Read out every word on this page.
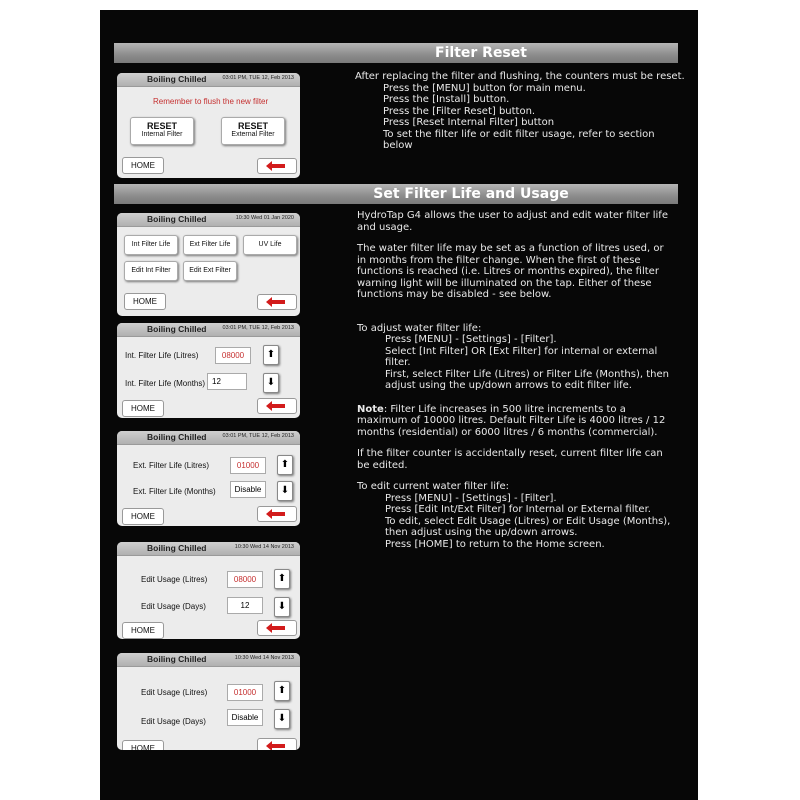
Filter Reset
Boiling Chilled	03:01 PM, TUE 12, Feb 2013
Remember to flush the new filter
RESET
Internal Filter
RESET
External Filter
HOME

After replacing the filter and flushing, the counters must be reset.

Press the [MENU] button for main menu.

Press the [Install] button.

Press the [Filter Reset] button.

Press [Reset Internal Filter] button

To set the filter life or edit filter usage, refer to section below

Set Filter Life and Usage
Boiling Chilled	10:30 Wed 01 Jan 2020
Int Filter Life	Ext Filter Life	UV Life
Edit Int Filter	Edit Ext Filter
HOME
Boiling Chilled	03:01 PM, TUE 12, Feb 2013
Int. Filter Life (Litres)	08000	⬆
Int. Filter Life (Months) 12	⬇
HOME
Boiling Chilled	03:01 PM, TUE 12, Feb 2013
Ext. Filter Life (Litres)	01000	⬆
Ext. Filter Life (Months)	Disable	⬇
HOME
Boiling Chilled	10:30 Wed 14 Nov 2013
Edit Usage (Litres)	08000	⬆
Edit Usage (Days)	12	⬇
HOME
Boiling Chilled	10:30 Wed 14 Nov 2013
Edit Usage (Litres)	01000	⬆
Edit Usage (Days)	Disable	⬇
HOME

HydroTap G4 allows the user to adjust and edit water filter life and usage.

The water filter life may be set as a function of litres used, or in months from the filter change. When the first of these functions is reached (i.e. Litres or months expired), the filter warning light will be illuminated on the tap. Either of these functions may be disabled - see below.

To adjust water filter life:

Press [MENU] - [Settings] - [Filter].

Select [Int Filter] OR [Ext Filter] for internal or external filter.

First, select Filter Life (Litres) or Filter Life (Months), then adjust using the up/down arrows to edit filter life.

Note: Filter Life increases in 500 litre increments to a maximum of 10000 litres. Default Filter Life is 4000 litres / 12 months (residential) or 6000 litres / 6 months (commercial).

If the filter counter is accidentally reset, current filter life can be edited.

To edit current water filter life:

Press [MENU] - [Settings] - [Filter].

Press [Edit Int/Ext Filter] for Internal or External filter.

To edit, select Edit Usage (Litres) or Edit Usage (Months), then adjust using the up/down arrows.

Press [HOME] to return to the Home screen.
